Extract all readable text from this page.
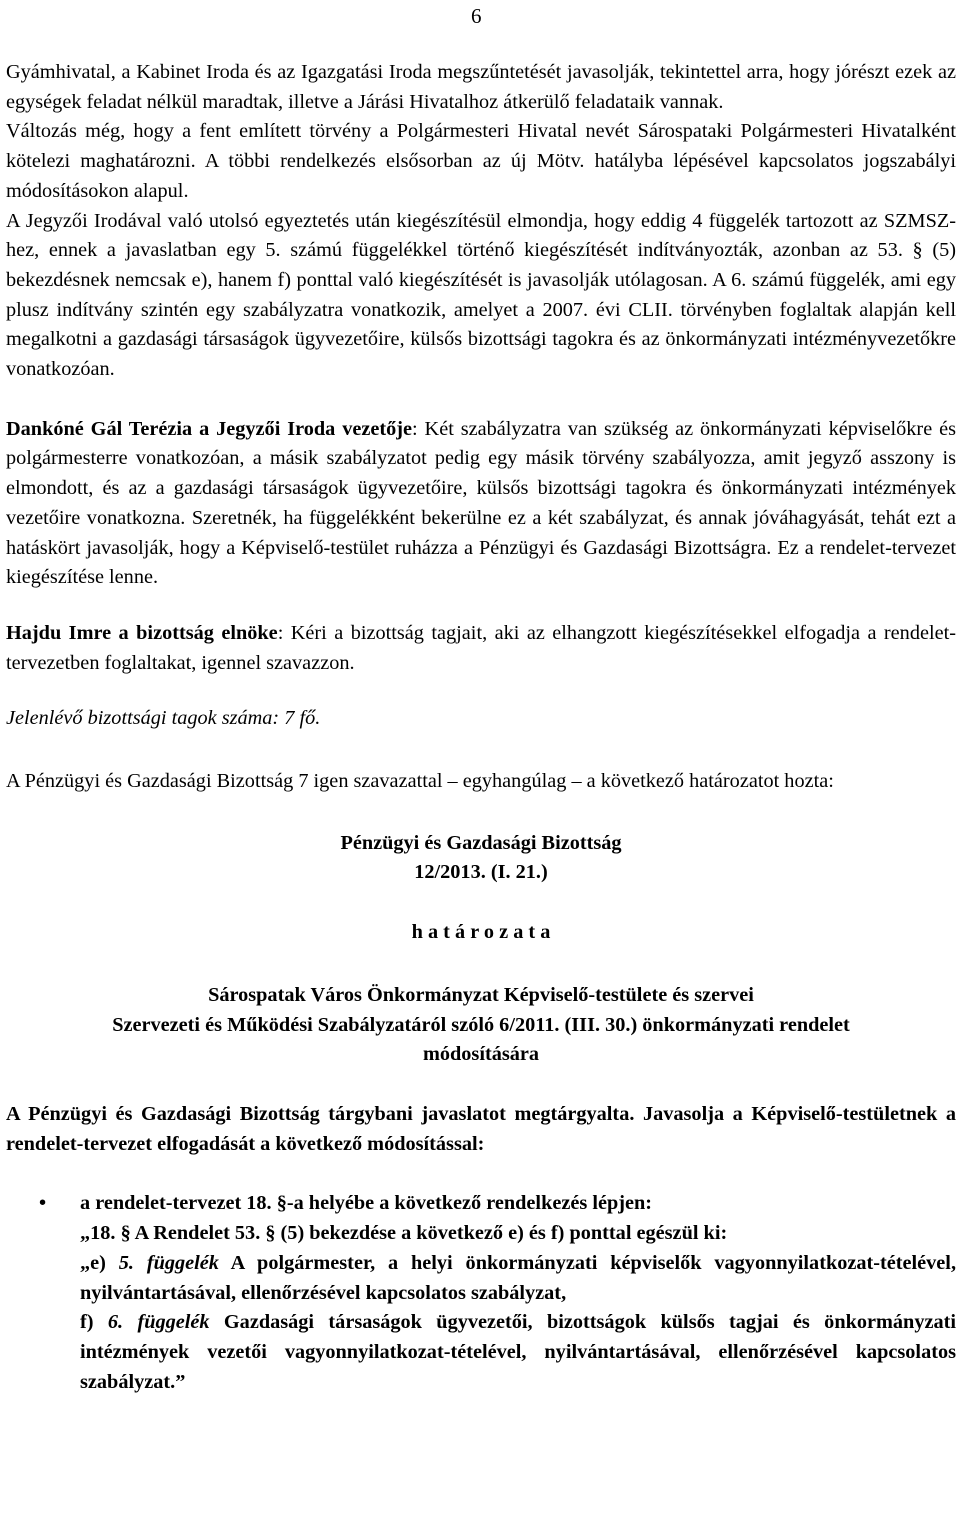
6

Gyámhivatal, a Kabinet Iroda és az Igazgatási Iroda megszűntetését javasolják, tekintettel arra, hogy jórészt ezek az egységek feladat nélkül maradtak, illetve a Járási Hivatalhoz átkerülő feladataik vannak.

Változás még, hogy a fent említett törvény a Polgármesteri Hivatal nevét Sárospataki Polgármesteri Hivatalként kötelezi maghatározni. A többi rendelkezés elsősorban az új Mötv. hatályba lépésével kapcsolatos jogszabályi módosításokon alapul.

A Jegyzői Irodával való utolsó egyeztetés után kiegészítésül elmondja, hogy eddig 4 függelék tartozott az SZMSZ-hez, ennek a javaslatban egy 5. számú függelékkel történő kiegészítését indítványozták, azonban az 53. § (5) bekezdésnek nemcsak e), hanem f) ponttal való kiegészítését is javasolják utólagosan. A 6. számú függelék, ami egy plusz indítvány szintén egy szabályzatra vonatkozik, amelyet a 2007. évi CLII. törvényben foglaltak alapján kell megalkotni a gazdasági társaságok ügyvezetőire, külsős bizottsági tagokra és az önkormányzati intézményvezetőkre vonatkozóan.

Dankóné Gál Terézia a Jegyzői Iroda vezetője: Két szabályzatra van szükség az önkormányzati képviselőkre és polgármesterre vonatkozóan, a másik szabályzatot pedig egy másik törvény szabályozza, amit jegyző asszony is elmondott, és az a gazdasági társaságok ügyvezetőire, külsős bizottsági tagokra és önkormányzati intézmények vezetőire vonatkozna. Szeretnék, ha függelékként bekerülne ez a két szabályzat, és annak jóváhagyását, tehát ezt a hatáskört javasolják, hogy a Képviselő-testület ruházza a Pénzügyi és Gazdasági Bizottságra. Ez a rendelet-tervezet kiegészítése lenne.

Hajdu Imre a bizottság elnöke: Kéri a bizottság tagjait, aki az elhangzott kiegészítésekkel elfogadja a rendelet-tervezetben foglaltakat, igennel szavazzon.

Jelenlévő bizottsági tagok száma: 7 fő.

A Pénzügyi és Gazdasági Bizottság 7 igen szavazattal – egyhangúlag – a következő határozatot hozta:

Pénzügyi és Gazdasági Bizottság
12/2013. (I. 21.)
h a t á r o z a t a
Sárospatak Város Önkormányzat Képviselő-testülete és szervei
Szervezeti és Működési Szabályzatáról szóló 6/2011. (III. 30.) önkormányzati rendelet
módosítására

A Pénzügyi és Gazdasági Bizottság tárgybani javaslatot megtárgyalta. Javasolja a Képviselő-testületnek a rendelet-tervezet elfogadását a következő módosítással:

• a rendelet-tervezet 18. §-a helyébe a következő rendelkezés lépjen:

„18. § A Rendelet 53. § (5) bekezdése a következő e) és f) ponttal egészül ki:

„e) 5. függelék A polgármester, a helyi önkormányzati képviselők vagyonnyilatkozat-tételével, nyilvántartásával, ellenőrzésével kapcsolatos szabályzat,

f) 6. függelék Gazdasági társaságok ügyvezetői, bizottságok külsős tagjai és önkormányzati intézmények vezetői vagyonnyilatkozat-tételével, nyilvántartásával, ellenőrzésével kapcsolatos szabályzat.”
